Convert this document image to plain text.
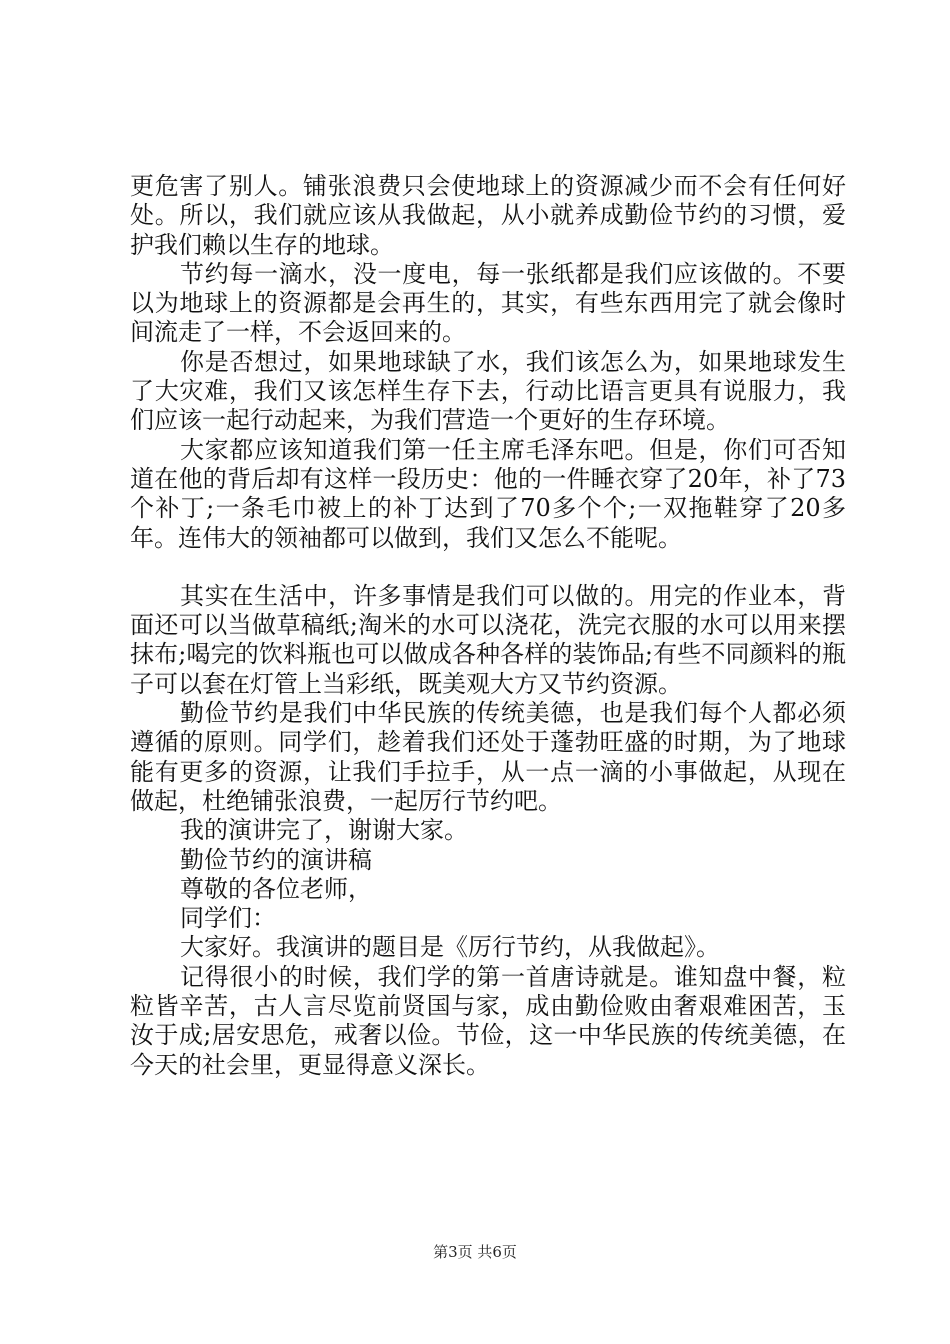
更危害了别人。铺张浪费只会使地球上的资源减少而不会有任何好处。所以，我们就应该从我做起，从小就养成勤俭节约的习惯，爱护我们赖以生存的地球。

节约每一滴水，没一度电，每一张纸都是我们应该做的。不要以为地球上的资源都是会再生的，其实，有些东西用完了就会像时间流走了一样，不会返回来的。

你是否想过，如果地球缺了水，我们该怎么为，如果地球发生了大灾难，我们又该怎样生存下去，行动比语言更具有说服力，我们应该一起行动起来，为我们营造一个更好的生存环境。

大家都应该知道我们第一任主席毛泽东吧。但是，你们可否知道在他的背后却有这样一段历史：他的一件睡衣穿了20年，补了73个补丁;一条毛巾被上的补丁达到了70多个个;一双拖鞋穿了20多年。连伟大的领袖都可以做到，我们又怎么不能呢。

其实在生活中，许多事情是我们可以做的。用完的作业本，背面还可以当做草稿纸;淘米的水可以浇花，洗完衣服的水可以用来摆抹布;喝完的饮料瓶也可以做成各种各样的装饰品;有些不同颜料的瓶子可以套在灯管上当彩纸，既美观大方又节约资源。

勤俭节约是我们中华民族的传统美德，也是我们每个人都必须遵循的原则。同学们，趁着我们还处于蓬勃旺盛的时期，为了地球能有更多的资源，让我们手拉手，从一点一滴的小事做起，从现在做起，杜绝铺张浪费，一起厉行节约吧。

我的演讲完了，谢谢大家。

勤俭节约的演讲稿

尊敬的各位老师，

同学们：

大家好。我演讲的题目是《厉行节约，从我做起》。

记得很小的时候，我们学的第一首唐诗就是。谁知盘中餐，粒粒皆辛苦，古人言尽览前贤国与家，成由勤俭败由奢艰难困苦，玉汝于成;居安思危，戒奢以俭。节俭，这一中华民族的传统美德，在今天的社会里，更显得意义深长。

第3页 共6页
